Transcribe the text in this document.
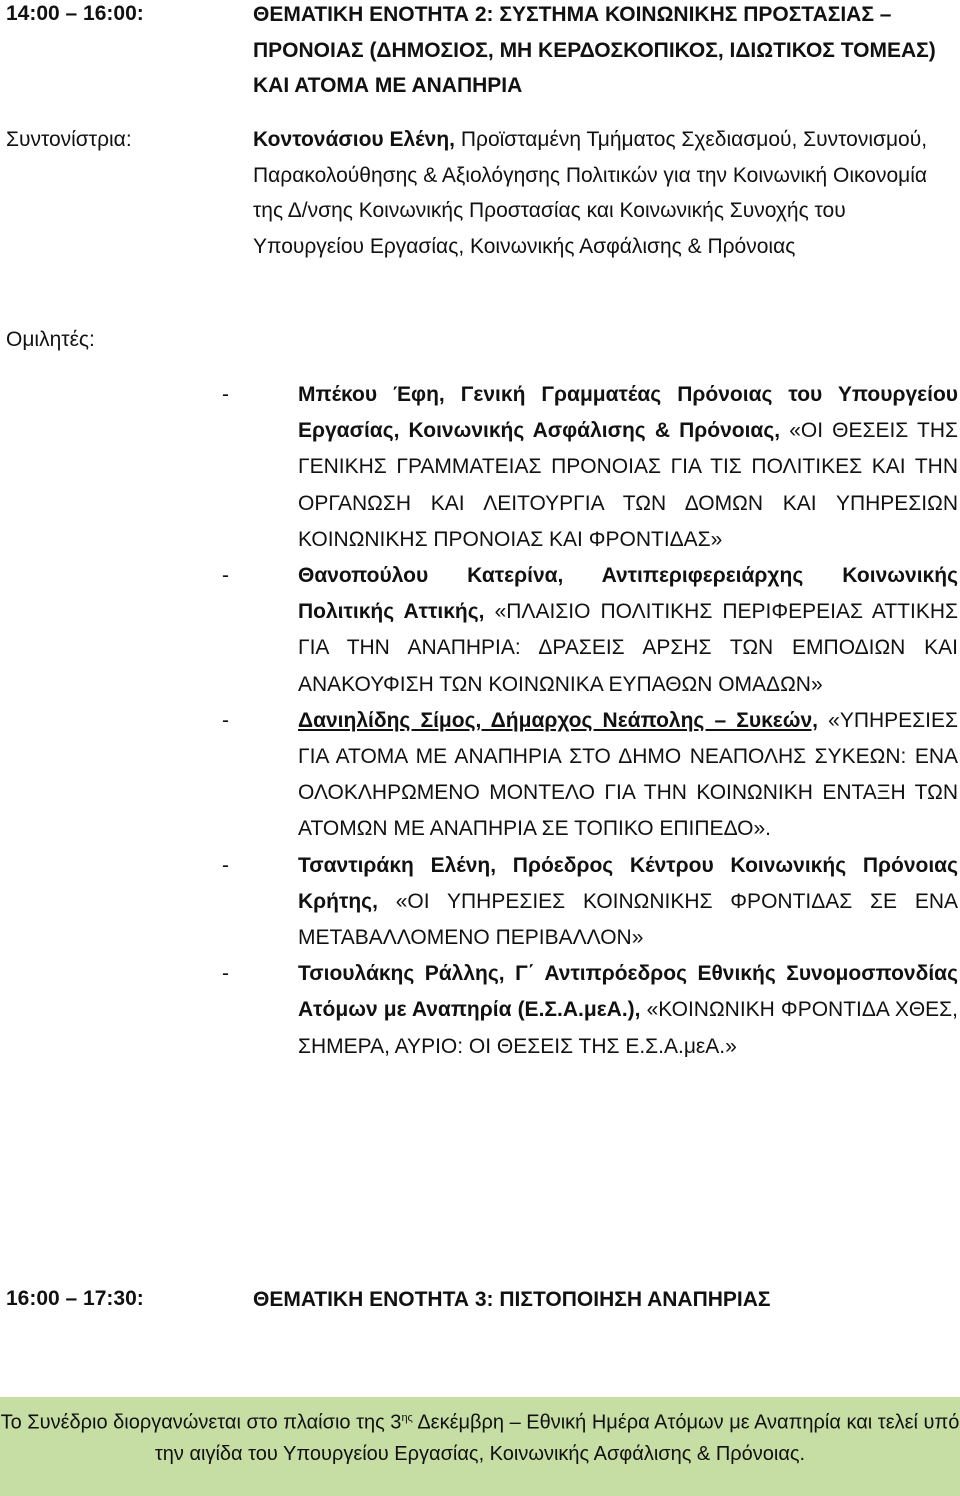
14:00 – 16:00:	ΘΕΜΑΤΙΚΗ ΕΝΟΤΗΤΑ 2: ΣΥΣΤΗΜΑ ΚΟΙΝΩΝΙΚΗΣ ΠΡΟΣΤΑΣΙΑΣ – ΠΡΟΝΟΙΑΣ (ΔΗΜΟΣΙΟΣ, ΜΗ ΚΕΡΔΟΣΚΟΠΙΚΟΣ, ΙΔΙΩΤΙΚΟΣ ΤΟΜΕΑΣ) ΚΑΙ ΑΤΟΜΑ ΜΕ ΑΝΑΠΗΡΙΑ
Συντονίστρια:	Κοντονάσιου Ελένη, Προϊσταμένη Τμήματος Σχεδιασμού, Συντονισμού, Παρακολούθησης & Αξιολόγησης Πολιτικών για την Κοινωνική Οικονομία της Δ/νσης Κοινωνικής Προστασίας και Κοινωνικής Συνοχής του Υπουργείου Εργασίας, Κοινωνικής Ασφάλισης & Πρόνοιας
Ομιλητές:
-	Μπέκου Έφη, Γενική Γραμματέας Πρόνοιας του Υπουργείου Εργασίας, Κοινωνικής Ασφάλισης & Πρόνοιας, «ΟΙ ΘΕΣΕΙΣ ΤΗΣ ΓΕΝΙΚΗΣ ΓΡΑΜΜΑΤΕΙΑΣ ΠΡΟΝΟΙΑΣ ΓΙΑ ΤΙΣ ΠΟΛΙΤΙΚΕΣ ΚΑΙ ΤΗΝ ΟΡΓΑΝΩΣΗ ΚΑΙ ΛΕΙΤΟΥΡΓΙΑ ΤΩΝ ΔΟΜΩΝ ΚΑΙ ΥΠΗΡΕΣΙΩΝ ΚΟΙΝΩΝΙΚΗΣ ΠΡΟΝΟΙΑΣ ΚΑΙ ΦΡΟΝΤΙΔΑΣ»
-	Θανοπούλου Κατερίνα, Αντιπεριφερειάρχης Κοινωνικής Πολιτικής Αττικής, «ΠΛΑΙΣΙΟ ΠΟΛΙΤΙΚΗΣ ΠΕΡΙΦΕΡΕΙΑΣ ΑΤΤΙΚΗΣ ΓΙΑ ΤΗΝ ΑΝΑΠΗΡΙΑ: ΔΡΑΣΕΙΣ ΑΡΣΗΣ ΤΩΝ ΕΜΠΟΔΙΩΝ ΚΑΙ ΑΝΑΚΟΥΦΙΣΗ ΤΩΝ ΚΟΙΝΩΝΙΚΑ ΕΥΠΑΘΩΝ ΟΜΑΔΩΝ»
-	Δανιηλίδης Σίμος, Δήμαρχος Νεάπολης – Συκεών, «ΥΠΗΡΕΣΙΕΣ ΓΙΑ ΑΤΟΜΑ ΜΕ ΑΝΑΠΗΡΙΑ ΣΤΟ ΔΗΜΟ ΝΕΑΠΟΛΗΣ ΣΥΚΕΩΝ: ΕΝΑ ΟΛΟΚΛΗΡΩΜΕΝΟ ΜΟΝΤΕΛΟ ΓΙΑ ΤΗΝ ΚΟΙΝΩΝΙΚΗ ΕΝΤΑΞΗ ΤΩΝ ΑΤΟΜΩΝ ΜΕ ΑΝΑΠΗΡΙΑ ΣΕ ΤΟΠΙΚΟ ΕΠΙΠΕΔΟ».
-	Τσαντιράκη Ελένη, Πρόεδρος Κέντρου Κοινωνικής Πρόνοιας Κρήτης, «ΟΙ ΥΠΗΡΕΣΙΕΣ ΚΟΙΝΩΝΙΚΗΣ ΦΡΟΝΤΙΔΑΣ ΣΕ ΕΝΑ ΜΕΤΑΒΑΛΛΟΜΕΝΟ ΠΕΡΙΒΑΛΛΟΝ»
-	Τσιουλάκης Ράλλης, Γ΄ Αντιπρόεδρος Εθνικής Συνομοσπονδίας Ατόμων με Αναπηρία (Ε.Σ.Α.μεΑ.), «ΚΟΙΝΩΝΙΚΗ ΦΡΟΝΤΙΔΑ ΧΘΕΣ, ΣΗΜΕΡΑ, ΑΥΡΙΟ: ΟΙ ΘΕΣΕΙΣ ΤΗΣ Ε.Σ.Α.μεΑ.»
16:00 – 17:30:	ΘΕΜΑΤΙΚΗ ΕΝΟΤΗΤΑ 3: ΠΙΣΤΟΠΟΙΗΣΗ ΑΝΑΠΗΡΙΑΣ
Το Συνέδριο διοργανώνεται στο πλαίσιο της $3^{\eta\varsigma}$ Δεκέμβρη – Εθνική Ημέρα Ατόμων με Αναπηρία και τελεί υπό την αιγίδα του Υπουργείου Εργασίας, Κοινωνικής Ασφάλισης & Πρόνοιας.
